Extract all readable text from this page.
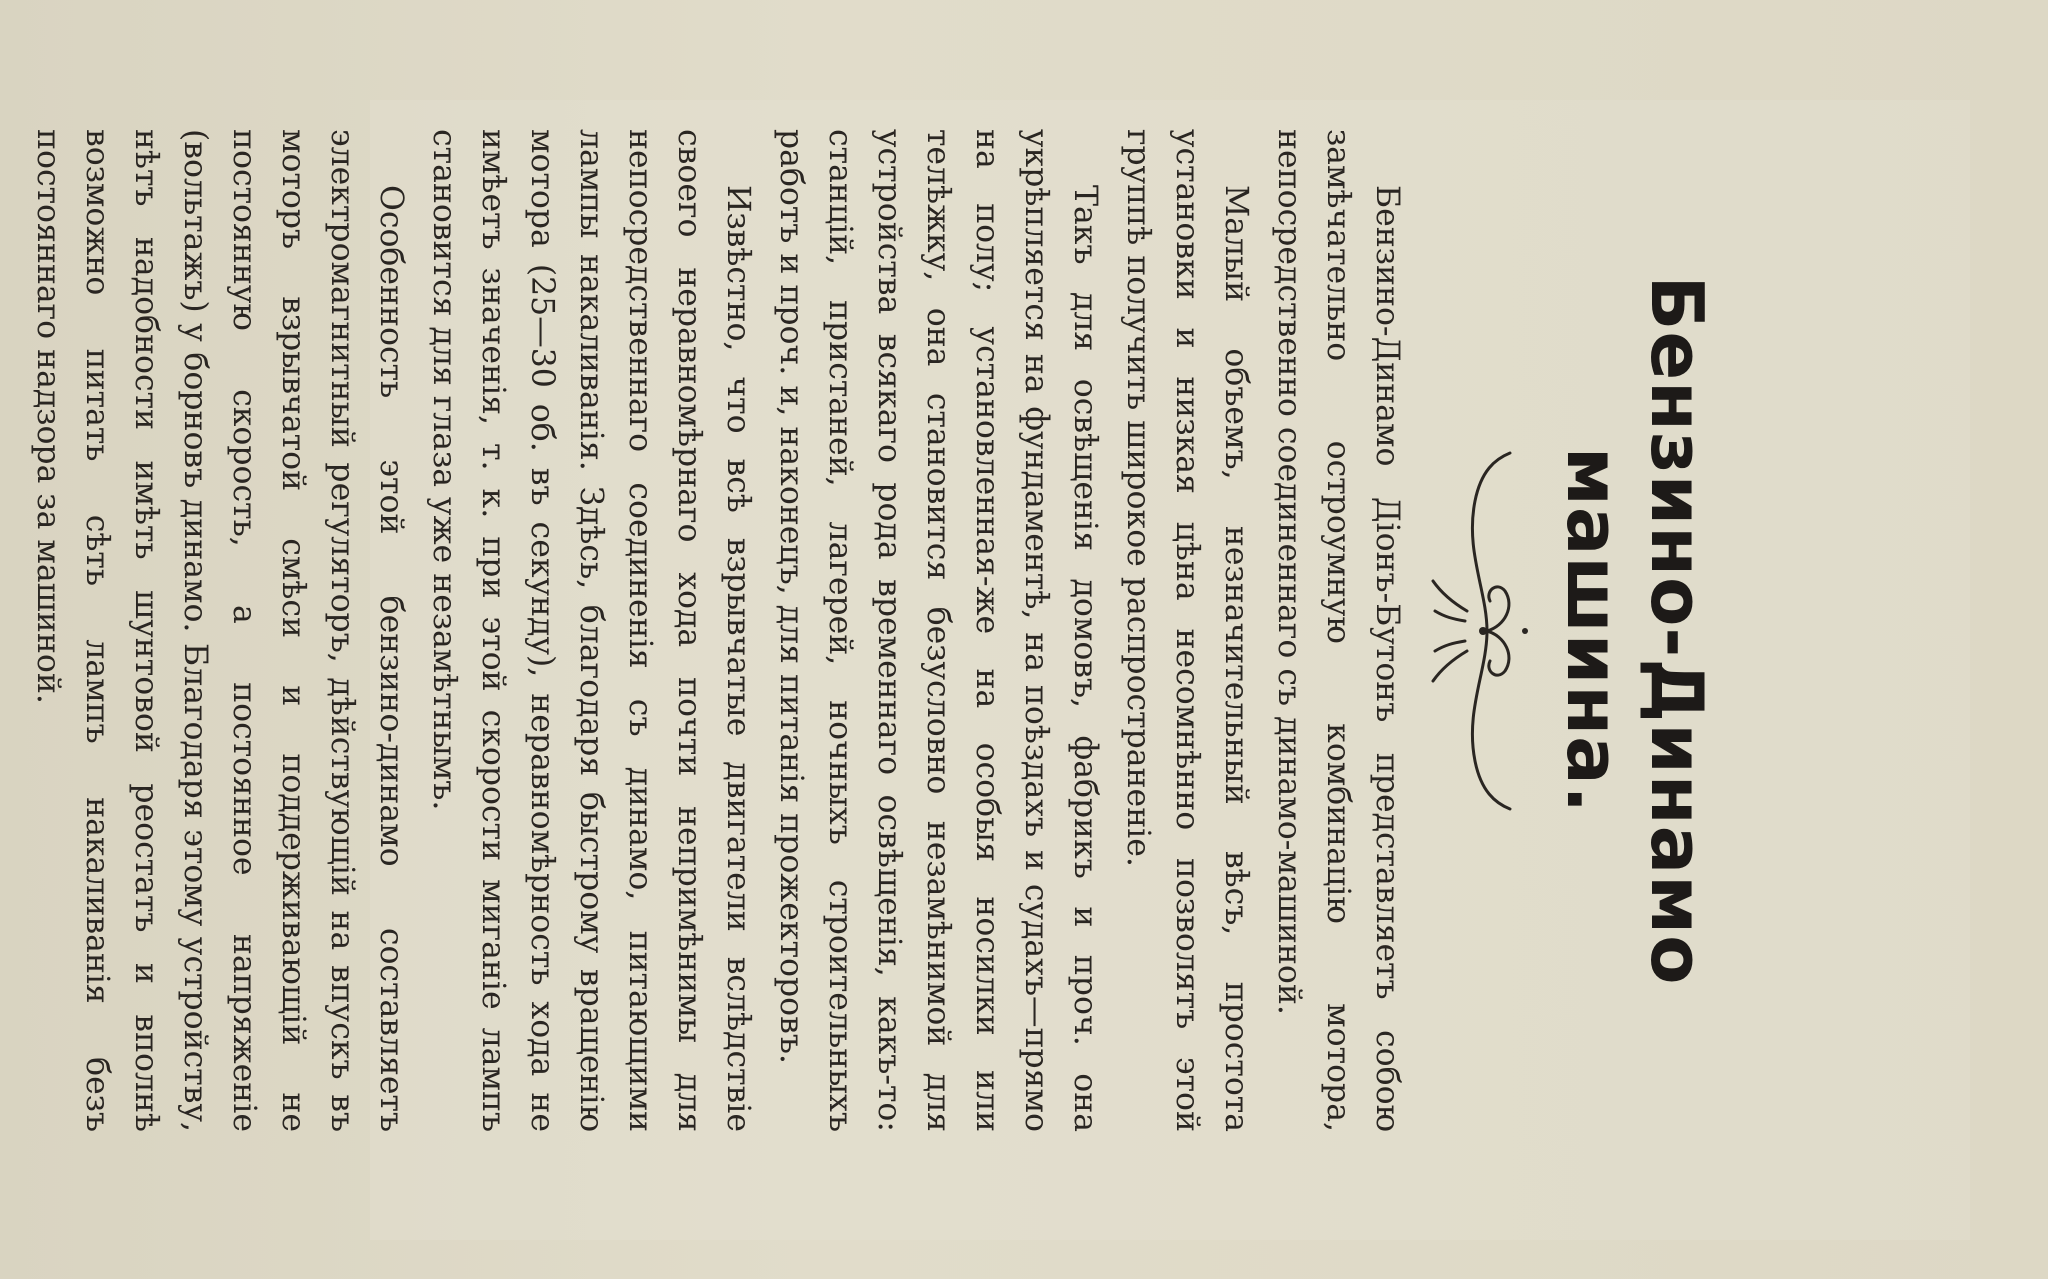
Бензино-Динамо машина.

Бензино-Динамо Діонъ-Бутонъ представляетъ собою замѣчательно остроумную комбинацію мотора, непосредственно соединеннаго съ динамо-машиной.

Малый объемъ, незначительный вѣсъ, простота установки и низкая цѣна несомнѣнно позволятъ этой группѣ получить широкое распространеніе.

Такъ для освѣщенія домовъ, фабрикъ и проч. она укрѣпляется на фундаментѣ, на поѣздахъ и судахъ—прямо на полу; установленная-же на особыя носилки или телѣжку, она становится безусловно незамѣнимой для устройства всякаго рода временнаго освѣщенія, какъ-то: станцій, пристаней, лагерей, ночныхъ строительныхъ работъ и проч. и, наконецъ, для питанія прожекторовъ.

Извѣстно, что всѣ взрывчатые двигатели вслѣдствіе своего неравномѣрнаго хода почти непримѣнимы для непосредственнаго соединенія съ динамо, питающими лампы накаливанія. Здѣсь, благодаря быстрому вращенію мотора (25—30 об. въ секунду), неравномѣрность хода не имѣетъ значенія, т. к. при этой скорости миганіе лампъ становится для глаза уже незамѣтнымъ.

Особенность этой бензино-динамо составляетъ электромагнитный регуляторъ, дѣйствующій на впускъ въ моторъ взрывчатой смѣси и поддерживающій не постоянную скорость, а постоянное напряженіе (вольтажъ) у борновъ динамо. Благодаря этому устройству, нѣтъ надобности имѣть шунтовой реостатъ и вполнѣ возможно питать сѣть лампъ накаливанія безъ постояннаго надзора за машиной.
